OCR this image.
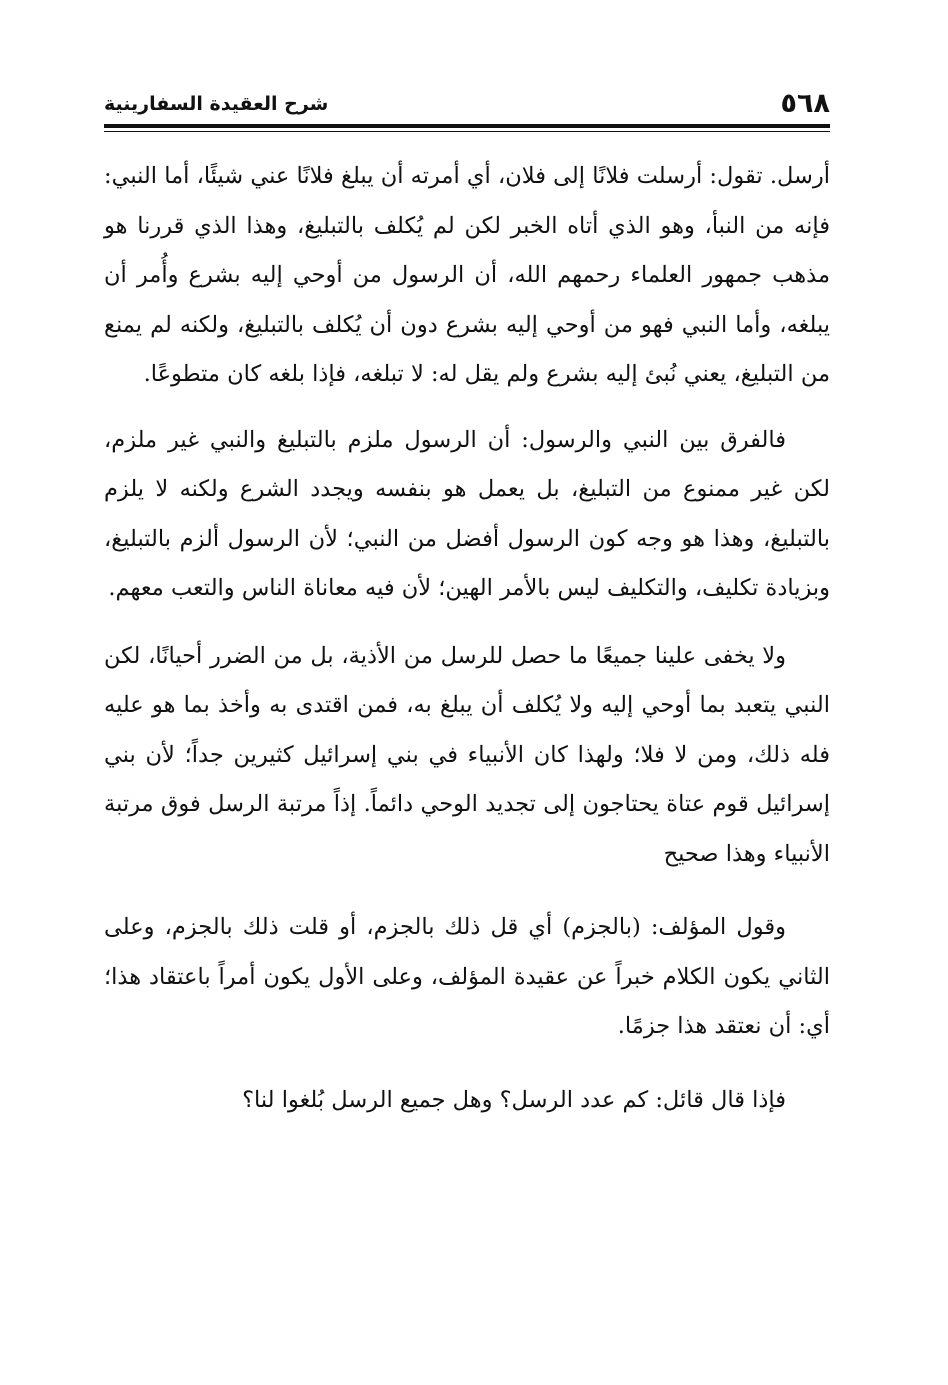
٥٦٨
شرح العقيدة السفارينية

أرسل. تقول: أرسلت فلانًا إلى فلان، أي أمرته أن يبلغ فلانًا عني شيئًا، أما النبي: فإنه من النبأ، وهو الذي أتاه الخبر لكن لم يُكلف بالتبليغ، وهذا الذي قررنا هو مذهب جمهور العلماء رحمهم الله، أن الرسول من أوحي إليه بشرع وأُمر أن يبلغه، وأما النبي فهو من أوحي إليه بشرع دون أن يُكلف بالتبليغ، ولكنه لم يمنع من التبليغ، يعني نُبئ إليه بشرع ولم يقل له: لا تبلغه، فإذا بلغه كان متطوعًا.

فالفرق بين النبي والرسول: أن الرسول ملزم بالتبليغ والنبي غير ملزم، لكن غير ممنوع من التبليغ، بل يعمل هو بنفسه ويجدد الشرع ولكنه لا يلزم بالتبليغ، وهذا هو وجه كون الرسول أفضل من النبي؛ لأن الرسول ألزم بالتبليغ، وبزيادة تكليف، والتكليف ليس بالأمر الهين؛ لأن فيه معاناة الناس والتعب معهم.

ولا يخفى علينا جميعًا ما حصل للرسل من الأذية، بل من الضرر أحيانًا، لكن النبي يتعبد بما أوحي إليه ولا يُكلف أن يبلغ به، فمن اقتدى به وأخذ بما هو عليه فله ذلك، ومن لا فلا؛ ولهذا كان الأنبياء في بني إسرائيل كثيرين جداً؛ لأن بني إسرائيل قوم عتاة يحتاجون إلى تجديد الوحي دائماً. إذاً مرتبة الرسل فوق مرتبة الأنبياء وهذا صحيح

وقول المؤلف: (بالجزم) أي قل ذلك بالجزم، أو قلت ذلك بالجزم، وعلى الثاني يكون الكلام خبراً عن عقيدة المؤلف، وعلى الأول يكون أمراً باعتقاد هذا؛ أي: أن نعتقد هذا جزمًا.

فإذا قال قائل: كم عدد الرسل؟ وهل جميع الرسل بُلغوا لنا؟
